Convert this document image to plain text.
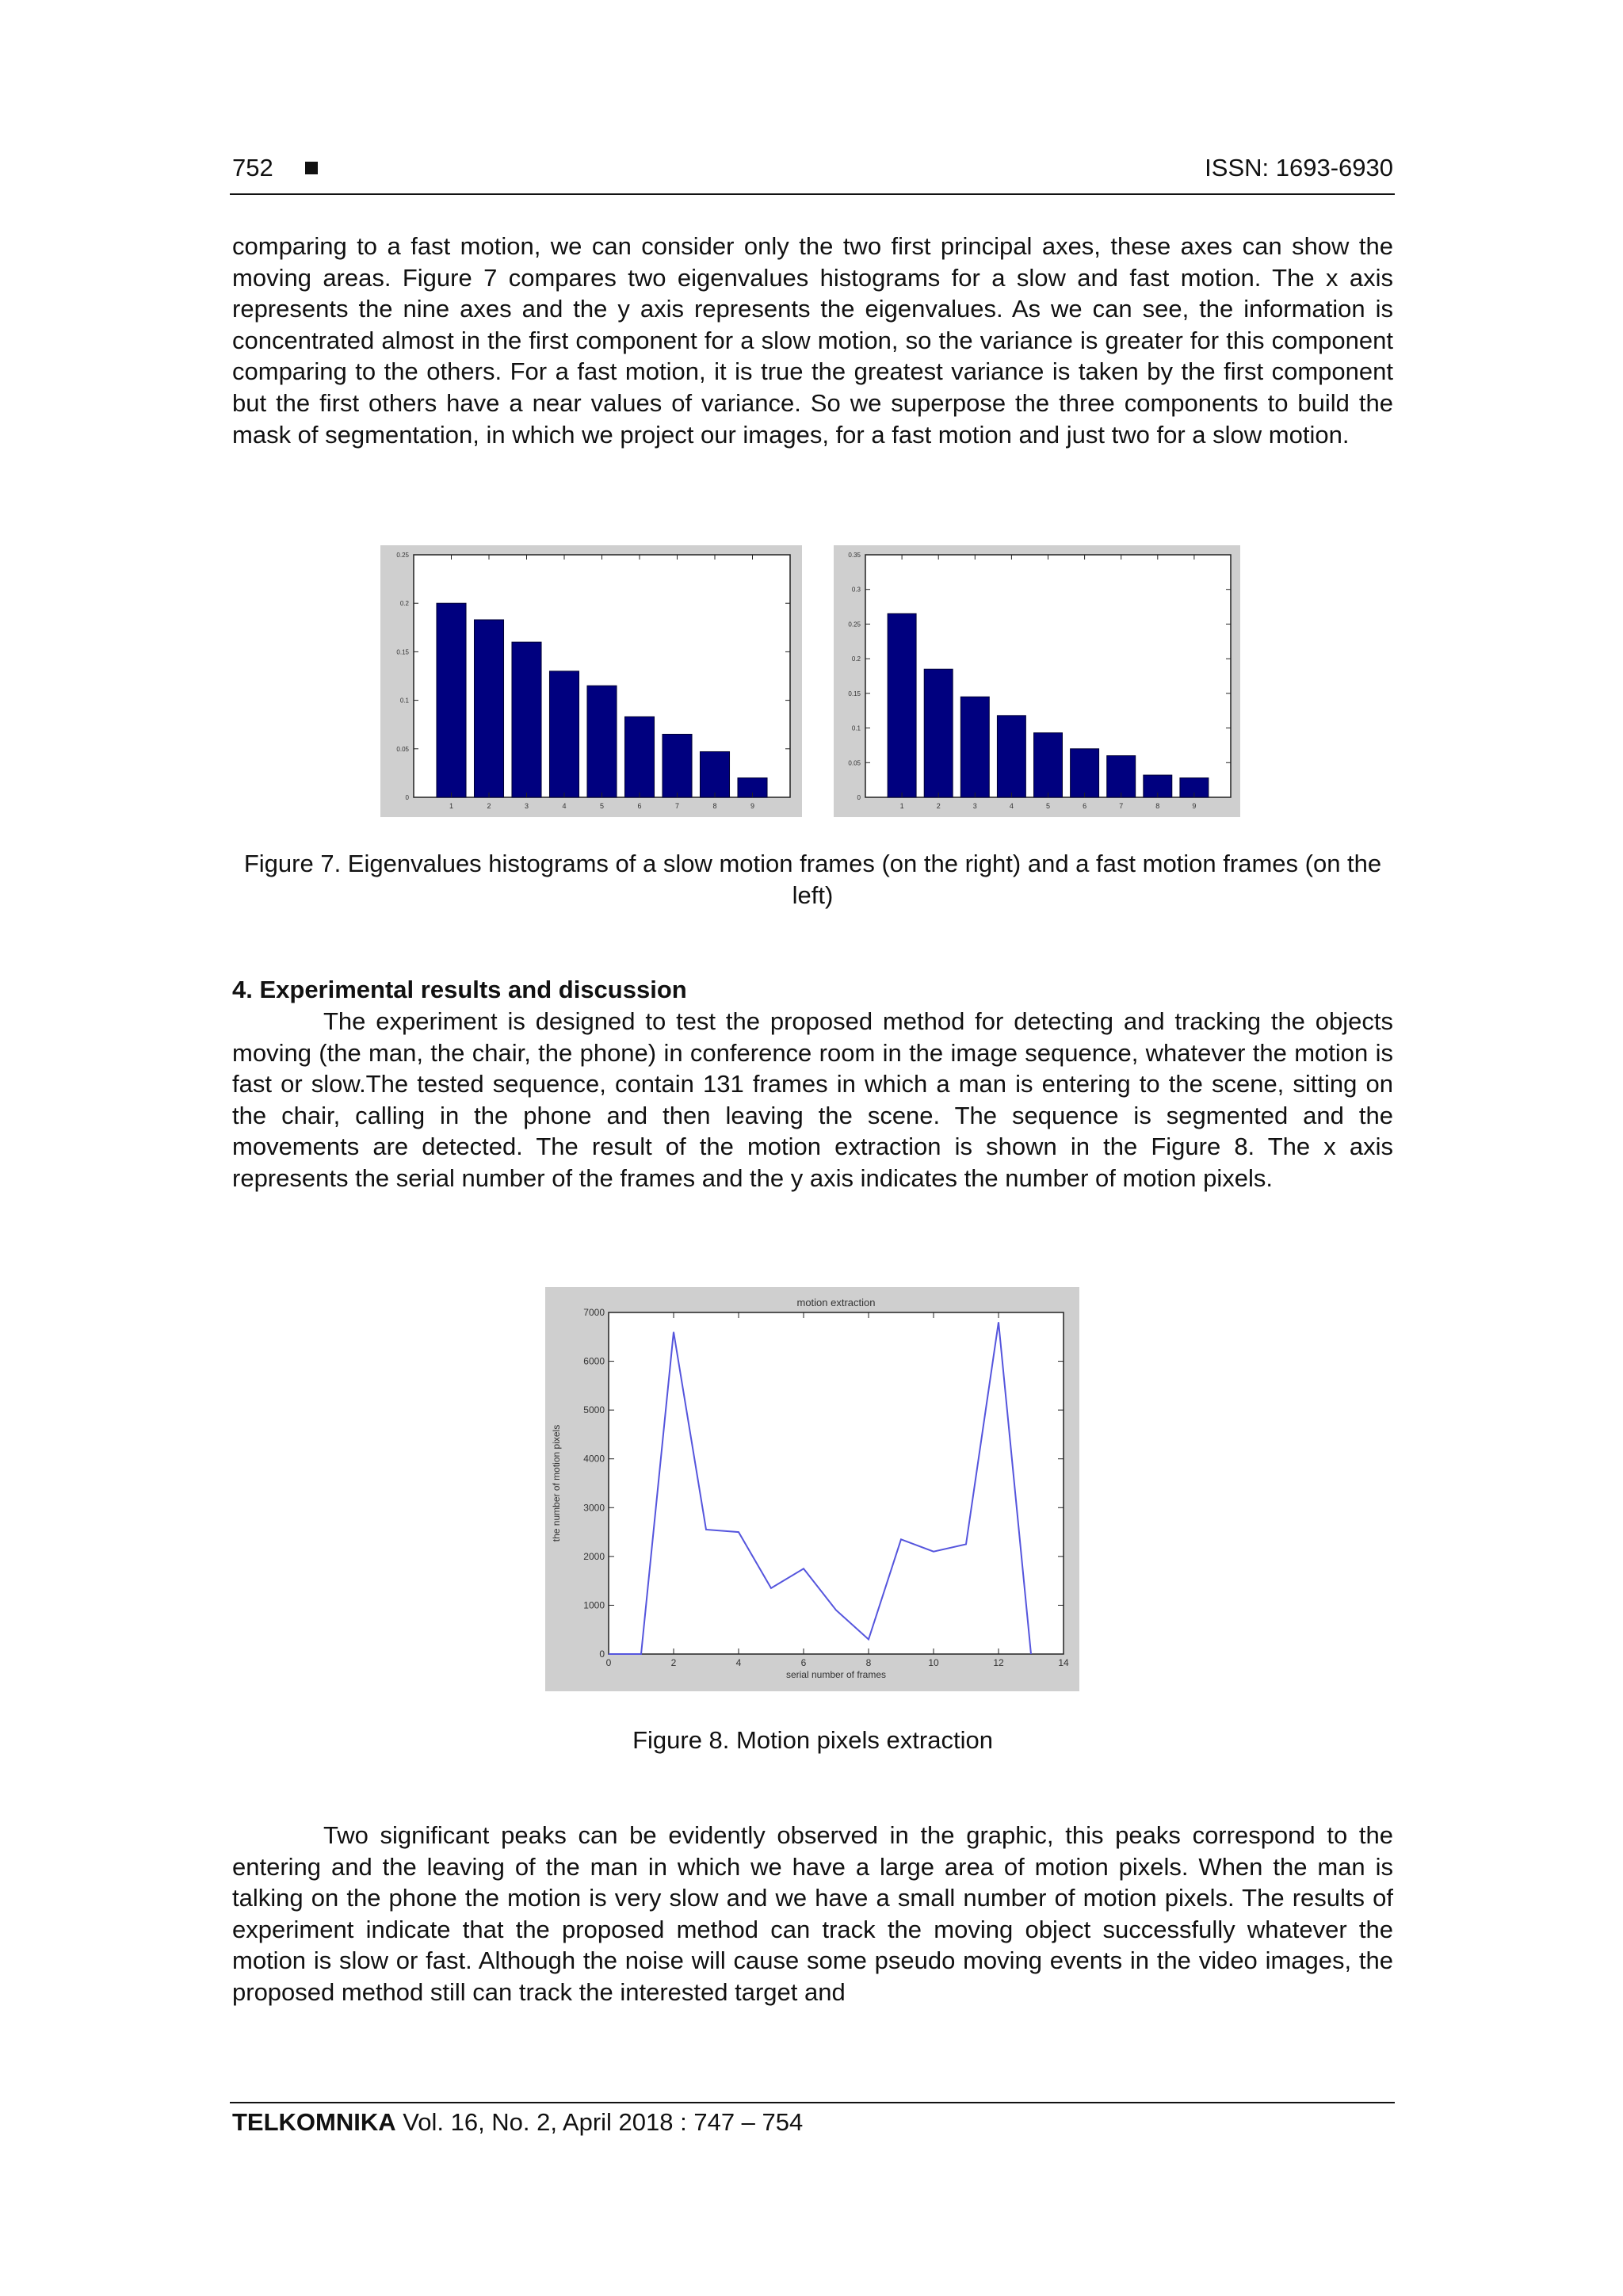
752	ISSN: 1693-6930

comparing to a fast motion, we can consider only the two first principal axes, these axes can show the moving areas. Figure 7 compares two eigenvalues histograms for a slow and fast motion. The x axis represents the nine axes and the y axis represents the eigenvalues. As we can see, the information is concentrated almost in the first component for a slow motion, so the variance is greater for this component comparing to the others. For a fast motion, it is true the greatest variance is taken by the first component but the first others have a near values of variance. So we superpose the three components to build the mask of segmentation, in which we project our images, for a fast motion and just two for a slow motion.

0
0.05
0.1
0.15
0.2
0.25
1	2	3	4	5	6	7	8	9
0
0.05
0.1
0.15
0.2
0.25
0.3
0.35
1	2	3	4	5	6	7	8	9

Figure 7. Eigenvalues histograms of a slow motion frames (on the right) and a fast motion frames (on the left)

4. Experimental results and discussion

The experiment is designed to test the proposed method for detecting and tracking the objects moving (the man, the chair, the phone) in conference room in the image sequence, whatever the motion is fast or slow.The tested sequence, contain 131 frames in which a man is entering to the scene, sitting on the chair, calling in the phone and then leaving the scene. The sequence is segmented and the movements are detected. The result of the motion extraction is shown in the Figure 8. The x axis represents the serial number of the frames and the y axis indicates the number of motion pixels.

0
1000
2000
3000
4000
5000
6000
7000
0	2	4	6	8	10	12	14
motion extraction
serial number of frames
the number of motion pixels

Figure 8. Motion pixels extraction

Two significant peaks can be evidently observed in the graphic, this peaks correspond to the entering and the leaving of the man in which we have a large area of motion pixels. When the man is talking on the phone the motion is very slow and we have a small number of motion pixels. The results of experiment indicate that the proposed method can track the moving object successfully whatever the motion is slow or fast. Although the noise will cause some pseudo moving events in the video images, the proposed method still can track the interested target and

TELKOMNIKA Vol. 16, No. 2, April 2018 : 747 – 754
